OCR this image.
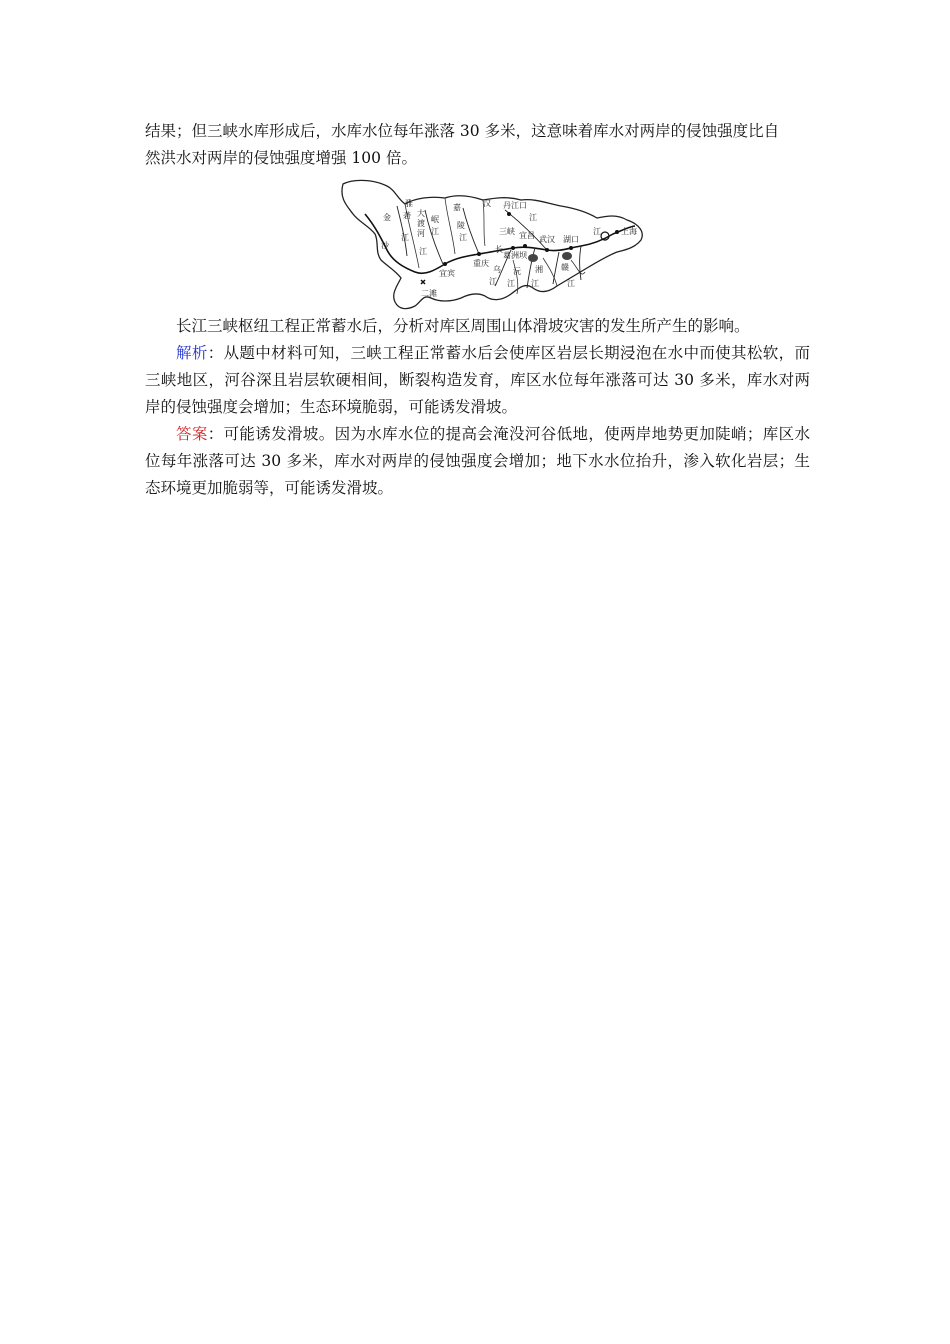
结果；但三峡水库形成后，水库水位每年涨落 30 多米，这意味着库水对两岸的侵蚀强度比自

然洪水对两岸的侵蚀强度增强 100 倍。

雅
金
沙
江
砻
江
大
渡
河
岷
江
嘉
陵
江
汉 丹江口
江
三峡 宜昌 武汉 湖口
江	上海
葛洲坝
长
重庆
宜宾	乌
江
沅
江
湘
江
赣
江
二滩

长江三峡枢纽工程正常蓄水后，分析对库区周围山体滑坡灾害的发生所产生的影响。

解析：从题中材料可知，三峡工程正常蓄水后会使库区岩层长期浸泡在水中而使其松软，而三峡地区，河谷深且岩层软硬相间，断裂构造发育，库区水位每年涨落可达 30 多米，库水对两岸的侵蚀强度会增加；生态环境脆弱，可能诱发滑坡。

答案：可能诱发滑坡。因为水库水位的提高会淹没河谷低地，使两岸地势更加陡峭；库区水位每年涨落可达 30 多米，库水对两岸的侵蚀强度会增加；地下水水位抬升，渗入软化岩层；生态环境更加脆弱等，可能诱发滑坡。
